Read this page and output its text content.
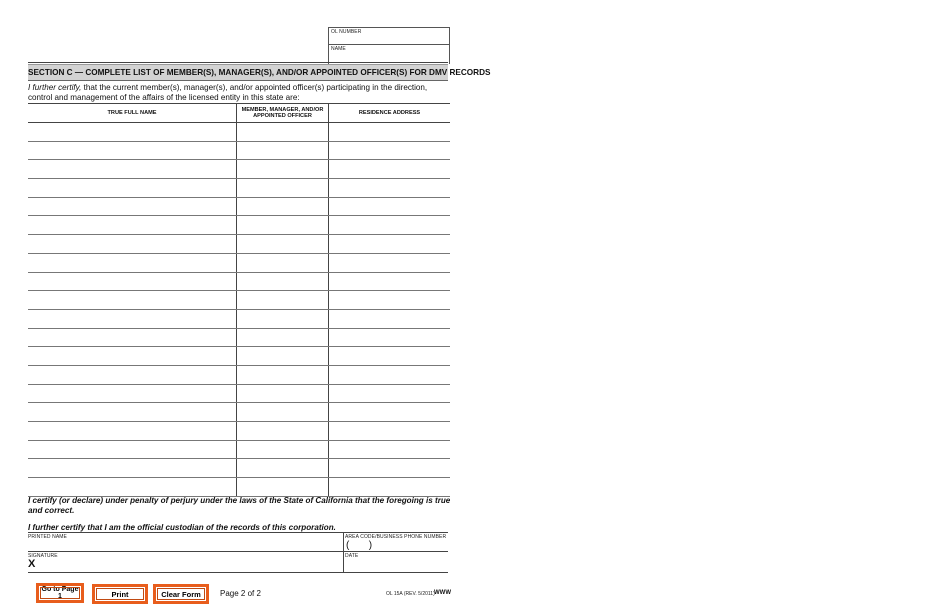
OL NUMBER
NAME
SECTION C — COMPLETE LIST OF MEMBER(S), MANAGER(S), AND/OR APPOINTED OFFICER(S) FOR DMV RECORDS
I further certify, that the current member(s), manager(s), and/or appointed officer(s) participating in the direction, control and management of the affairs of the licensed entity in this state are:
TRUE FULL NAME	MEMBER, MANAGER, AND/OR APPOINTED OFFICER	RESIDENCE ADDRESS

I certify (or declare) under penalty of perjury under the laws of the State of California that the foregoing is true and correct.
I further certify that I am the official custodian of the records of this corporation.
PRINTED NAME	AREA CODE/BUSINESS PHONE NUMBER
(       )
SIGNATURE
X
DATE
Go to Page 1	Print	Clear Form	Page 2 of 2	OL 15A (REV. 5/2011) WWW
